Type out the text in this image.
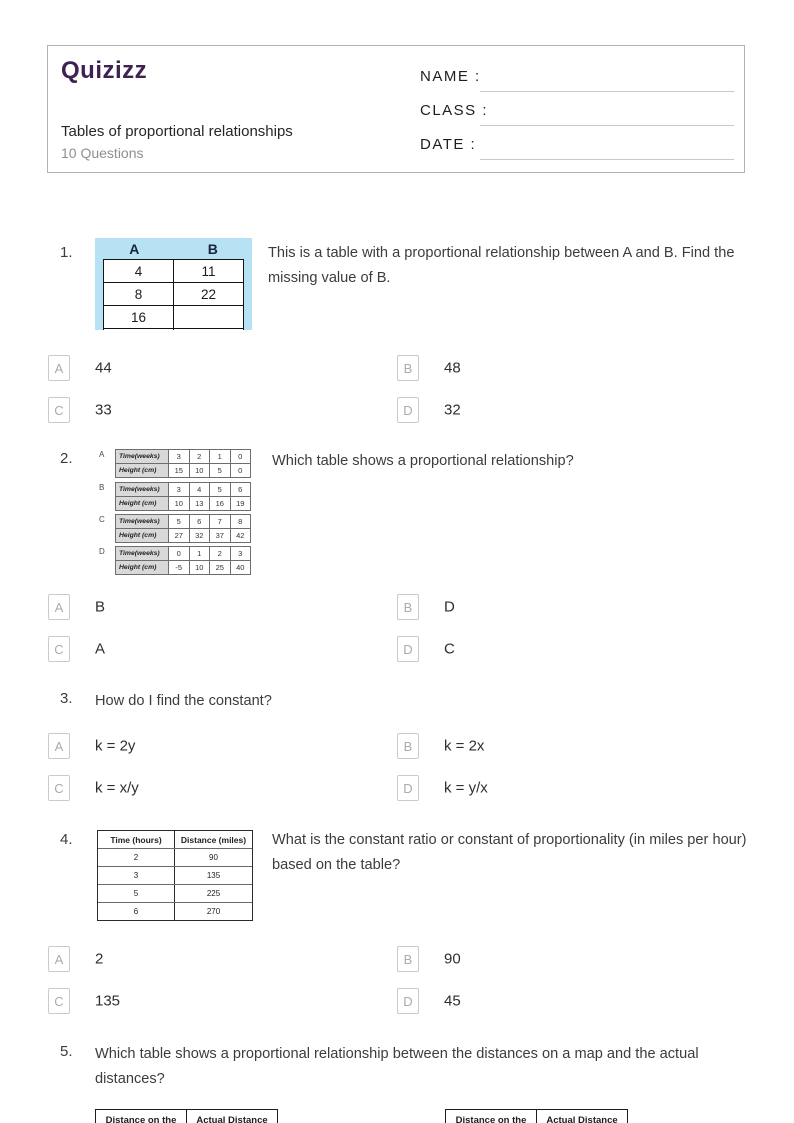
Quizizz
Tables of proportional relationships
10 Questions
NAME :
CLASS :
DATE :
1.	A	B
4	11
8	22
16
This is a table with a proportional relationship between A and B. Find the missing value of B.
A	44	B	48
C	33	D	32
2.	Which table shows a proportional relationship?
A	Time(weeks)	3	2	1	0
Height (cm)	15	10	5	0
B	Time(weeks)	3	4	5	6
Height (cm)	10	13	16	19
C	Time(weeks)	5	6	7	8
Height (cm)	27	32	37	42
D	Time(weeks)	0	1	2	3
Height (cm)	-5	10	25	40
A	B	B	D
C	A	D	C
3. How do I find the constant?
A	k = 2y	B	k = 2x
C	k = x/y	D	k = y/x
4.	Time (hours)	Distance (miles)
2	90
3	135
5	225
6	270
What is the constant ratio or constant of proportionality (in miles per hour) based on the table?
A	2	B	90
C	135	D	45
5. Which table shows a proportional relationship between the distances on a map and the actual distances?
Distance on the	Actual Distance	Distance on the	Actual Distance
